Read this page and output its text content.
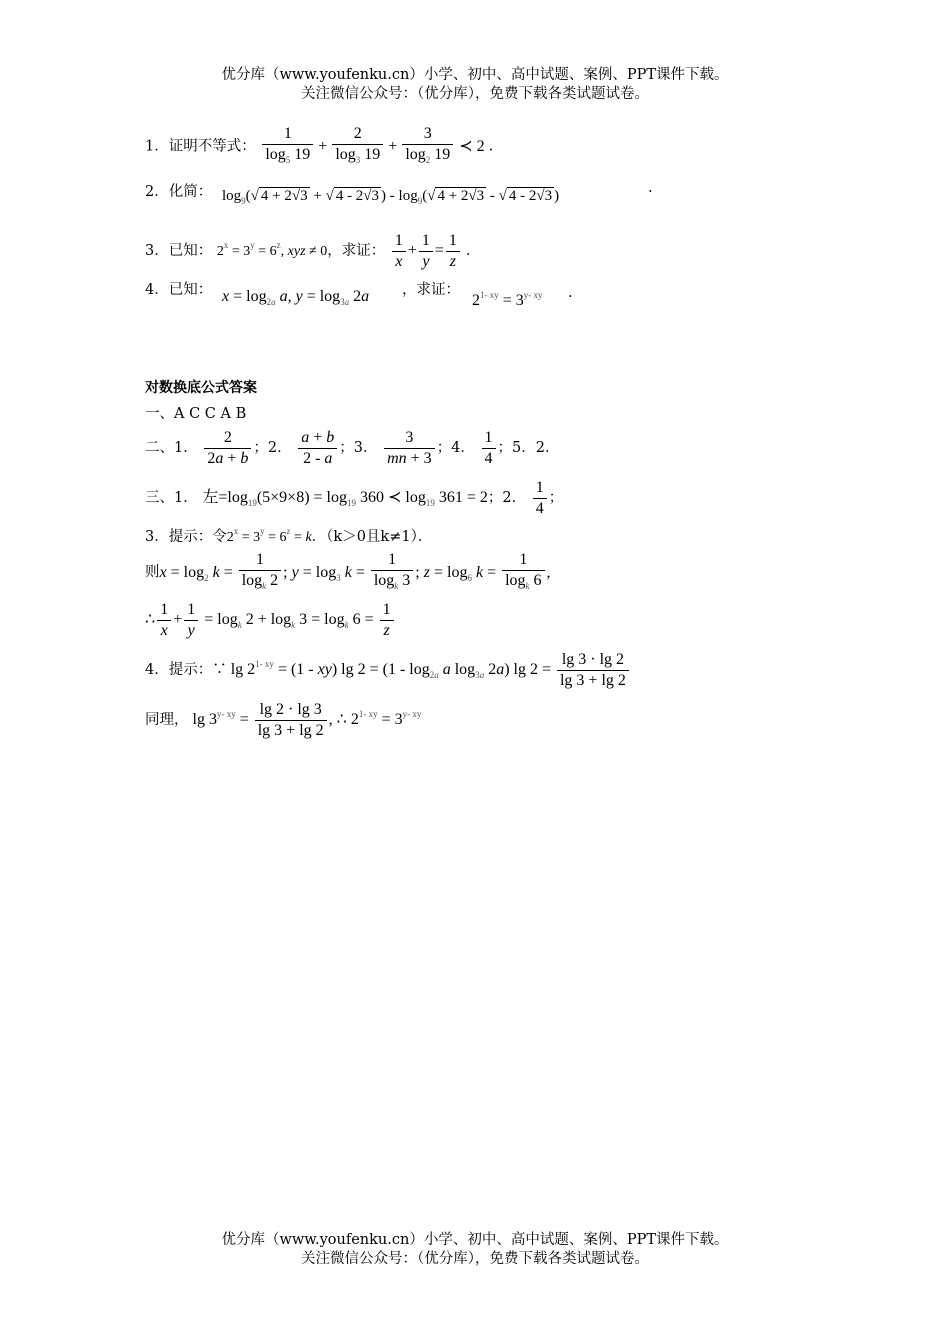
优分库（www.youfenku.cn）小学、初中、高中试题、案例、PPT课件下载。
关注微信公众号：（优分库），免费下载各类试题试卷。
1．证明不等式： $\frac{1}{\log_5 19} + \frac{2}{\log_3 19} + \frac{3}{\log_2 19}$ ≺ 2 .
2．化简： $\log_9(√$ 4 + 2√3 + √ 4 - 2√3 ) - $\log_9(√$ 4 + 2√3 - √ 4 - 2√3 )	.
3．已知： $2^x = 3^y = 6^z$, xyz ≠ 0，求证： $\frac{1}{x} + \frac{1}{y} = \frac{1}{z}$ .
4．已知： $x = \log_{2a} a$, $y = \log_{3a} 2a$ ，求证：
$2^{1- xy} = 3^{y- xy}$ .
对数换底公式答案
一、A C C A B
二、1． $\frac{2}{2a + b}$ ；2． $\frac{a + b}{2 - a}$ ；3． $\frac{3}{mn + 3}$ ；4． $\frac{1}{4}$ ；5．2．
三、1． 左$=\log_{19}(5\times 9\times 8) = \log_{19} 360$ ≺ $\log_{19} 361 = 2$；2． $\frac{1}{4}$ ；
3．提示：令$2^x = 3^y = 6^z = k$．（k＞0且k≠1）．
则$x = \log_2 k = \frac{1}{\log_k 2}$ ; $y = \log_3 k = \frac{1}{\log_k 3}$ ; $z = \log_6 k = \frac{1}{\log_k 6}$ ,
∴ $\frac{1}{x} + \frac{1}{y} = \log_k 2 + \log_k 3 = \log_k 6 = \frac{1}{z}$
4．提示：∵ $\lg 2^{1- xy} = (1 - xy)$ $\lg 2 = (1 - \log_{2a} a$ $\log_{3a} 2a$) $\lg 2 = \frac{\lg 3 \cdot \lg 2}{\lg 3 + \lg 2}$
同理， $\lg 3^{y- xy} = \frac{\lg 2 \cdot \lg 3}{\lg 3 + \lg 2}$ , ∴ $2^{1- xy} = 3^{y- xy}$
优分库（www.youfenku.cn）小学、初中、高中试题、案例、PPT课件下载。
关注微信公众号：（优分库），免费下载各类试题试卷。
